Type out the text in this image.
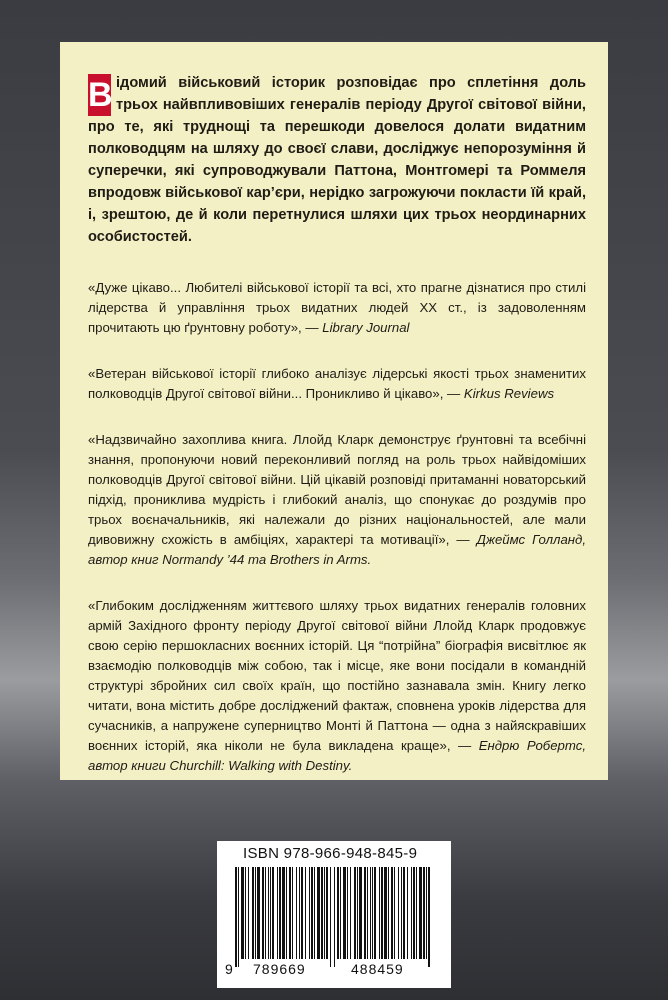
В ідомий військовий історик розповідає про сплетіння доль трьох найвпливовіших генералів періоду Другої світової війни, про те, які труднощі та перешкоди довелося долати видатним полководцям на шляху до своєї слави, досліджує непорозуміння й суперечки, які супроводжували Паттона, Монтгомері та Роммеля впродовж військової кар’єри, нерідко загрожуючи покласти їй край, і, зрештою, де й коли перетнулися шляхи цих трьох неординарних особистостей.

«Дуже цікаво... Любителі військової історії та всі, хто прагне дізнатися про стилі лідерства й управління трьох видатних людей XX ст., із задоволенням прочитають цю ґрунтовну роботу», — Library Journal

«Ветеран військової історії глибоко аналізує лідерські якості трьох знаменитих полководців Другої світової війни... Проникливо й цікаво», — Kirkus Reviews

«Надзвичайно захоплива книга. Ллойд Кларк демонструє ґрунтовні та всебічні знання, пропонуючи новий переконливий погляд на роль трьох найвідоміших полководців Другої світової війни. Цій цікавій розповіді притаманні новаторський підхід, прониклива мудрість і глибокий аналіз, що спонукає до роздумів про трьох воєначальників, які належали до різних національностей, але мали дивовижну схожість в амбіціях, характері та мотивації», — Джеймс Голланд, автор книг Normandy ’44 та Brothers in Arms.

«Глибоким дослідженням життєвого шляху трьох видатних генералів головних армій Західного фронту періоду Другої світової війни Ллойд Кларк продовжує свою серію першокласних воєнних історій. Ця “потрійна” біографія висвітлює як взаємодію полководців між собою, так і місце, яке вони посідали в командній структурі збройних сил своїх країн, що постійно зазнавала змін. Книгу легко читати, вона містить добре досліджений фактаж, сповнена уроків лідерства для сучасників, а напружене суперництво Монті й Паттона — одна з найяскравіших воєнних історій, яка ніколи не була викладена краще», — Ендрю Робертс, автор книги Churchill: Walking with Destiny.

ISBN 978-966-948-845-9
9 789669	488459
